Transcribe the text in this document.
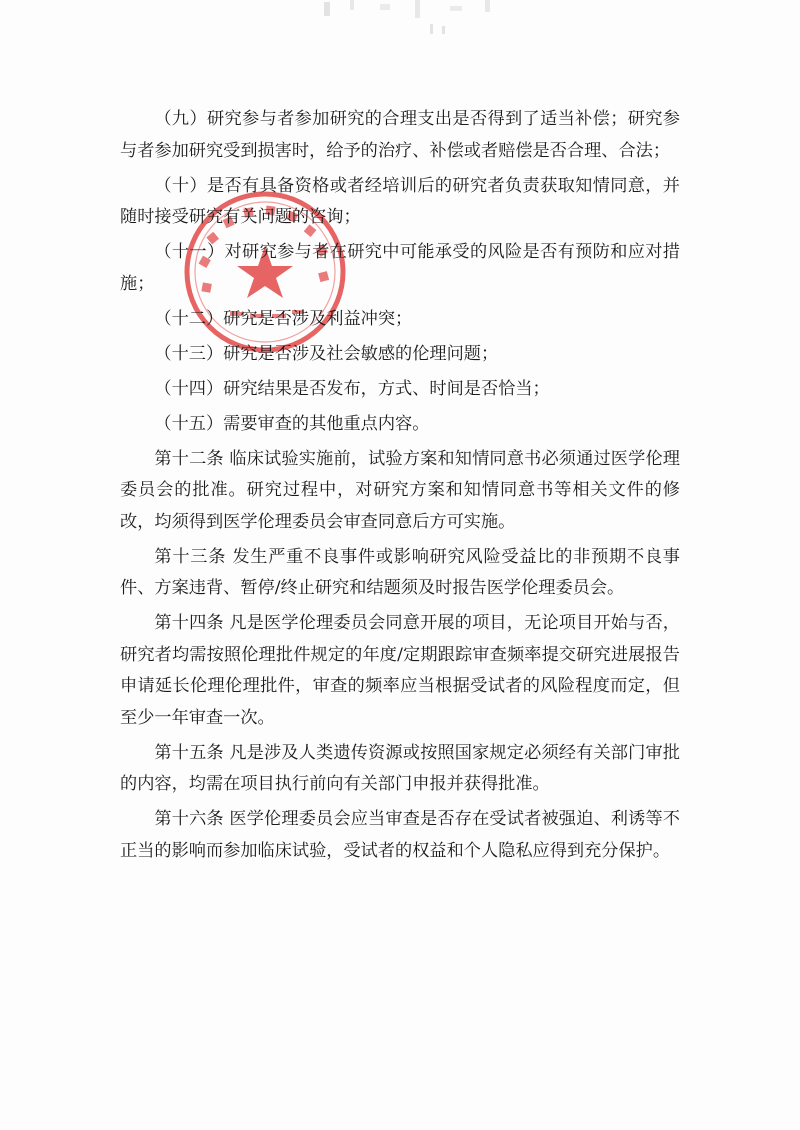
（九）研究参与者参加研究的合理支出是否得到了适当补偿；研究参与者参加研究受到损害时，给予的治疗、补偿或者赔偿是否合理、合法；

（十）是否有具备资格或者经培训后的研究者负责获取知情同意，并随时接受研究有关问题的咨询；

（十一）对研究参与者在研究中可能承受的风险是否有预防和应对措施；

（十二）研究是否涉及利益冲突；

（十三）研究是否涉及社会敏感的伦理问题；

（十四）研究结果是否发布，方式、时间是否恰当；

（十五）需要审查的其他重点内容。

第十二条 临床试验实施前，试验方案和知情同意书必须通过医学伦理委员会的批准。研究过程中，对研究方案和知情同意书等相关文件的修改，均须得到医学伦理委员会审查同意后方可实施。

第十三条 发生严重不良事件或影响研究风险受益比的非预期不良事件、方案违背、暂停/终止研究和结题须及时报告医学伦理委员会。

第十四条 凡是医学伦理委员会同意开展的项目，无论项目开始与否，研究者均需按照伦理批件规定的年度/定期跟踪审查频率提交研究进展报告申请延长伦理伦理批件，审查的频率应当根据受试者的风险程度而定，但至少一年审查一次。

第十五条 凡是涉及人类遗传资源或按照国家规定必须经有关部门审批的内容，均需在项目执行前向有关部门申报并获得批准。

第十六条 医学伦理委员会应当审查是否存在受试者被强迫、利诱等不正当的影响而参加临床试验，受试者的权益和个人隐私应得到充分保护。
